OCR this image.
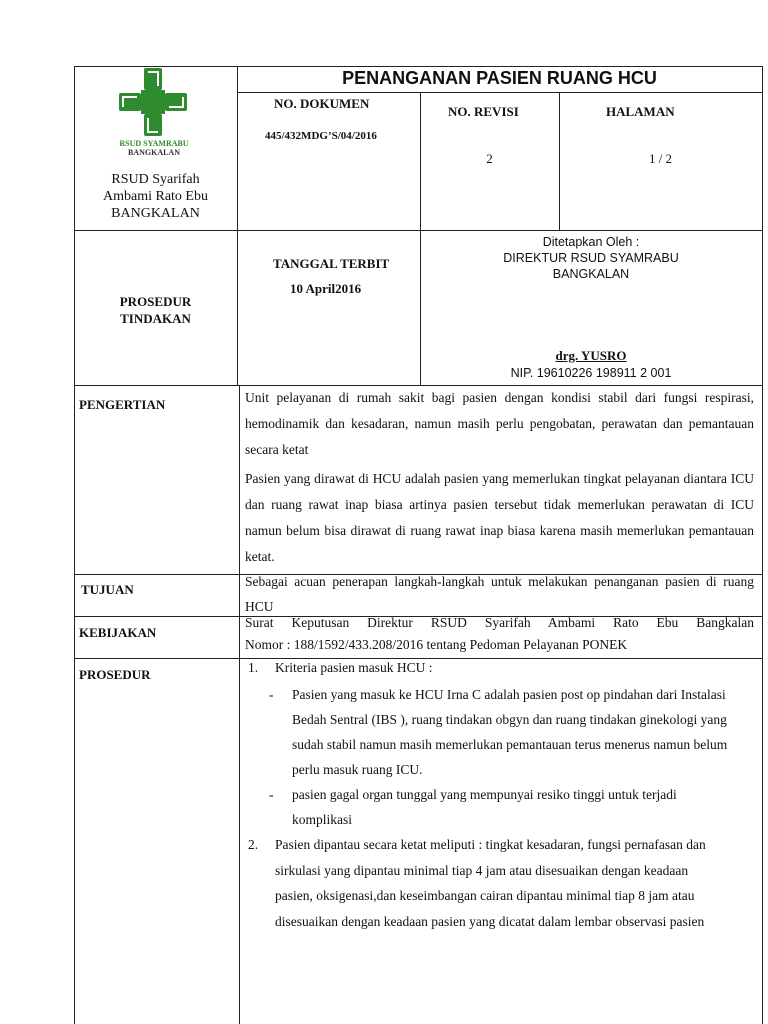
RSUD SYAMRABU
BANGKALAN
RSUD Syarifah
Ambami Rato Ebu
BANGKALAN
PENANGANAN PASIEN RUANG HCU
NO. DOKUMEN
445/432MDG’S/04/2016
NO. REVISI
2
HALAMAN
1 / 2
PROSEDUR
TINDAKAN
TANGGAL TERBIT
10 April2016
Ditetapkan Oleh :
DIREKTUR RSUD SYAMRABU
BANGKALAN
drg. YUSRO
NIP. 19610226 198911 2 001
PENGERTIAN	Unit pelayanan di rumah sakit bagi pasien dengan kondisi stabil dari fungsi respirasi, hemodinamik dan kesadaran, namun masih perlu pengobatan, perawatan dan pemantauan secara ketat
Pasien yang dirawat di HCU adalah pasien yang memerlukan tingkat pelayanan diantara ICU dan ruang rawat inap biasa artinya pasien tersebut tidak memerlukan perawatan di ICU namun belum bisa dirawat di ruang rawat inap biasa karena masih memerlukan pemantauan ketat.
TUJUAN
Sebagai acuan penerapan langkah-langkah untuk melakukan penanganan pasien di ruang HCU
KEBIJAKAN
Surat Keputusan Direktur RSUD Syarifah Ambami Rato Ebu Bangkalan
Nomor : 188/1592/433.208/2016 tentang Pedoman Pelayanan PONEK
PROSEDUR	1. Kriteria pasien masuk HCU :
- Pasien yang masuk ke HCU Irna C adalah pasien post op pindahan dari Instalasi Bedah Sentral (IBS ), ruang tindakan obgyn dan ruang tindakan ginekologi yang sudah stabil namun masih memerlukan pemantauan terus menerus namun belum perlu masuk ruang ICU.
- pasien gagal organ tunggal yang mempunyai resiko tinggi untuk terjadi komplikasi
2. Pasien dipantau secara ketat meliputi : tingkat kesadaran, fungsi pernafasan dan sirkulasi yang dipantau minimal tiap 4 jam atau disesuaikan dengan keadaan pasien, oksigenasi,dan keseimbangan cairan dipantau minimal tiap 8 jam atau disesuaikan dengan keadaan pasien yang dicatat dalam lembar observasi pasien
